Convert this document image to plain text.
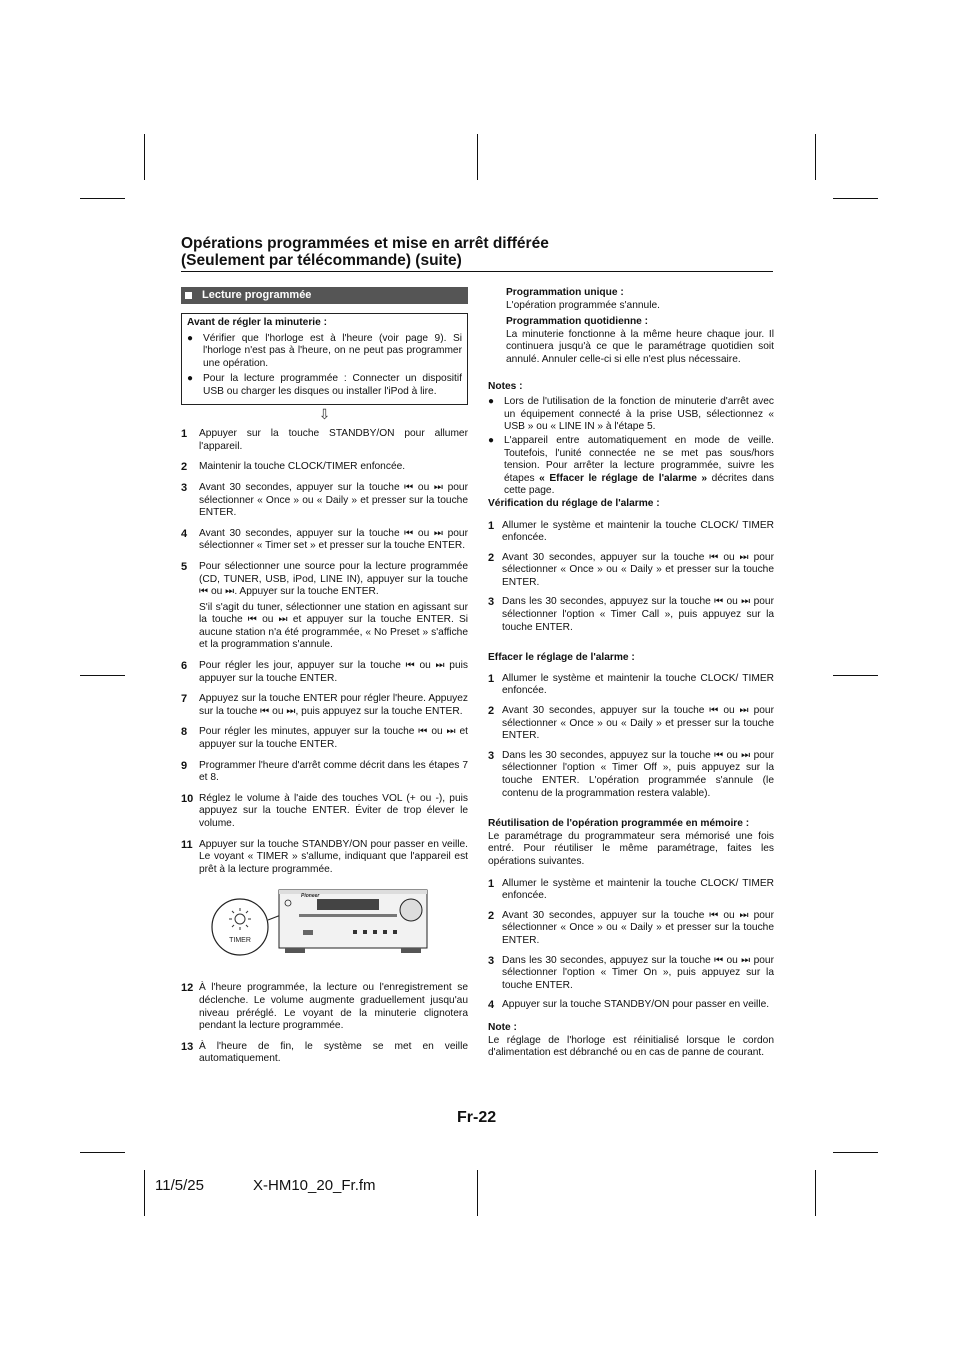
Opérations programmées et mise en arrêt différée
(Seulement par télécommande) (suite)
Lecture programmée
Avant de régler la minuterie :
● Vérifier que l'horloge est à l'heure (voir page 9). Si l'horloge n'est pas à l'heure, on ne peut pas programmer une opération.
● Pour la lecture programmée : Connecter un dispositif USB ou charger les disques ou installer l'iPod à lire.
⇩
1	Appuyer sur la touche STANDBY/ON pour allumer l'appareil.
2	Maintenir la touche CLOCK/TIMER enfoncée.
3	Avant 30 secondes, appuyer sur la touche ⏮ ou ⏭ pour sélectionner « Once » ou « Daily » et presser sur la touche ENTER.
4	Avant 30 secondes, appuyer sur la touche ⏮ ou ⏭ pour sélectionner « Timer set » et presser sur la touche ENTER.
5	Pour sélectionner une source pour la lecture programmée (CD, TUNER, USB, iPod, LINE IN), appuyer sur la touche ⏮ ou ⏭. Appuyer sur la touche ENTER.
S'il s'agit du tuner, sélectionner une station en agissant sur la touche ⏮ ou ⏭ et appuyer sur la touche ENTER. Si aucune station n'a été programmée, « No Preset » s'affiche et la programmation s'annule.
6	Pour régler les jour, appuyer sur la touche ⏮ ou ⏭ puis appuyer sur la touche ENTER.
7	Appuyez sur la touche ENTER pour régler l'heure. Appuyez sur la touche ⏮ ou ⏭, puis appuyez sur la touche ENTER.
8	Pour régler les minutes, appuyer sur la touche ⏮ ou ⏭ et appuyer sur la touche ENTER.
9	Programmer l'heure d'arrêt comme décrit dans les étapes 7 et 8.
10 Réglez le volume à l'aide des touches VOL (+ ou -), puis appuyez sur la touche ENTER. Éviter de trop élever le volume.
11 Appuyer sur la touche STANDBY/ON pour passer en veille. Le voyant « TIMER » s'allume, indiquant que l'appareil est prêt à la lecture programmée.
TIMER
Pioneer
12 À l'heure programmée, la lecture ou l'enregistrement se déclenche. Le volume augmente graduellement jusqu'au niveau préréglé. Le voyant de la minuterie clignotera pendant la lecture programmée.
13 À l'heure de fin, le système se met en veille automatiquement.
Programmation unique :
L'opération programmée s'annule.
Programmation quotidienne :
La minuterie fonctionne à la même heure chaque jour. Il continuera jusqu'à ce que le paramétrage quotidien soit annulé. Annuler celle-ci si elle n'est plus nécessaire.
Notes :
● Lors de l'utilisation de la fonction de minuterie d'arrêt avec un équipement connecté à la prise USB, sélectionnez « USB » ou « LINE IN » à l'étape 5.
● L'appareil entre automatiquement en mode de veille. Toutefois, l'unité connectée ne se met pas sous/hors tension. Pour arrêter la lecture programmée, suivre les étapes « Effacer le réglage de l'alarme » décrites dans cette page.
Vérification du réglage de l'alarme :
1 Allumer le système et maintenir la touche CLOCK/ TIMER enfoncée.
2 Avant 30 secondes, appuyer sur la touche ⏮ ou ⏭ pour sélectionner « Once » ou « Daily » et presser sur la touche ENTER.
3 Dans les 30 secondes, appuyez sur la touche ⏮ ou ⏭ pour sélectionner l'option « Timer Call », puis appuyez sur la touche ENTER.
Effacer le réglage de l'alarme :
1 Allumer le système et maintenir la touche CLOCK/ TIMER enfoncée.
2 Avant 30 secondes, appuyer sur la touche ⏮ ou ⏭ pour sélectionner « Once » ou « Daily » et presser sur la touche ENTER.
3 Dans les 30 secondes, appuyez sur la touche ⏮ ou ⏭ pour sélectionner l'option « Timer Off », puis appuyez sur la touche ENTER. L'opération programmée s'annule (le contenu de la programmation restera valable).
Réutilisation de l'opération programmée en mémoire :
Le paramétrage du programmateur sera mémorisé une fois entré. Pour réutiliser le même paramétrage, faites les opérations suivantes.
1 Allumer le système et maintenir la touche CLOCK/ TIMER enfoncée.
2 Avant 30 secondes, appuyer sur la touche ⏮ ou ⏭ pour sélectionner « Once » ou « Daily » et presser sur la touche ENTER.
3 Dans les 30 secondes, appuyez sur la touche ⏮ ou ⏭ pour sélectionner l'option « Timer On », puis appuyez sur la touche ENTER.
4 Appuyer sur la touche STANDBY/ON pour passer en veille.
Note :
Le réglage de l'horloge est réinitialisé lorsque le cordon d'alimentation est débranché ou en cas de panne de courant.
Fr-22
11/5/25	X-HM10_20_Fr.fm
